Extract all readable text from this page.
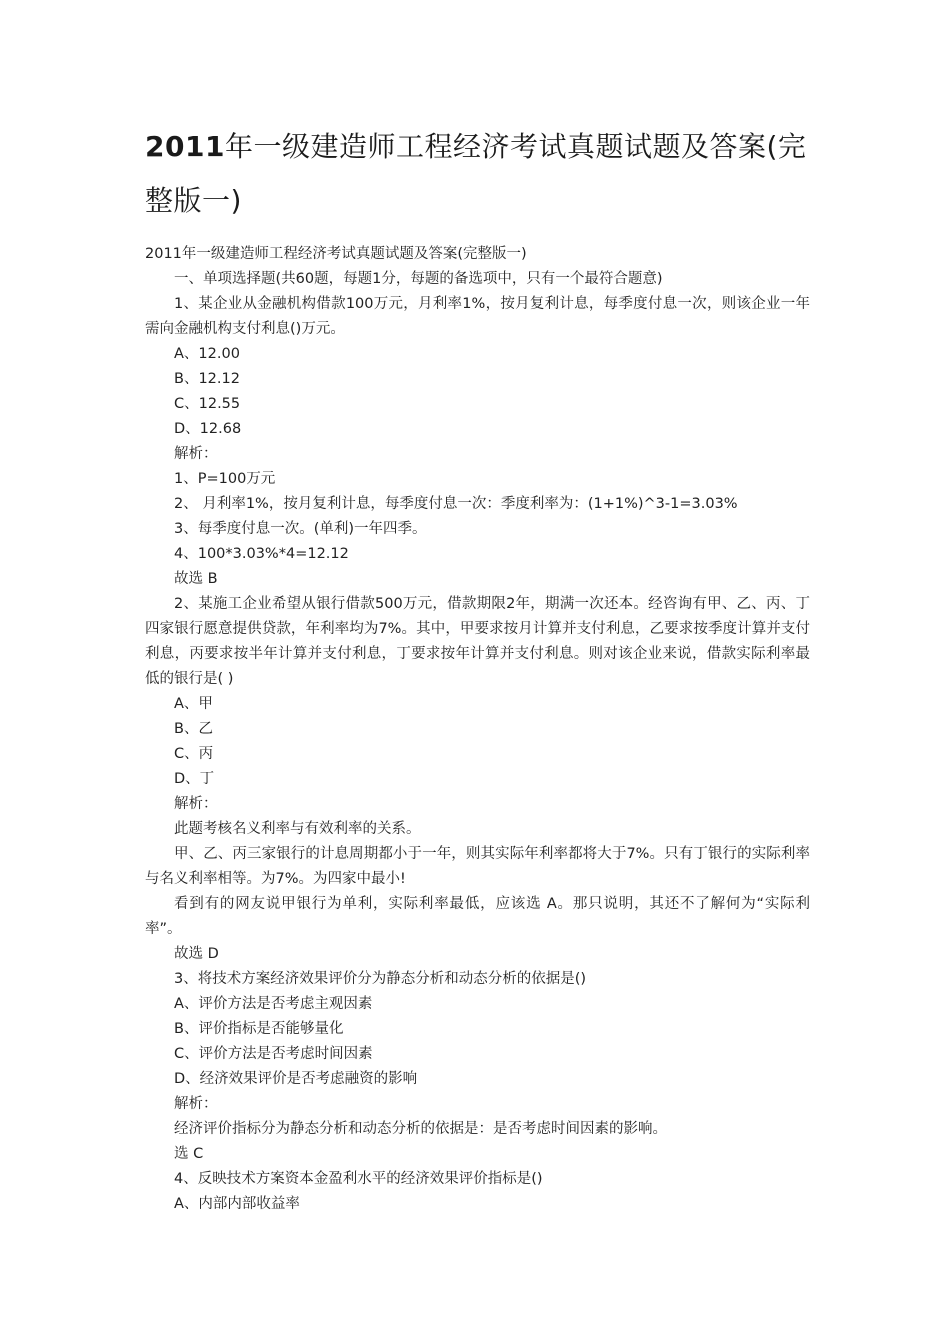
2011年一级建造师工程经济考试真题试题及答案(完整版一)
2011年一级建造师工程经济考试真题试题及答案(完整版一)
一、单项选择题(共60题，每题1分，每题的备选项中，只有一个最符合题意)
1、某企业从金融机构借款100万元，月利率1%，按月复利计息，每季度付息一次，则该企业一年需向金融机构支付利息()万元。
A、12.00
B、12.12
C、12.55
D、12.68
解析：
1、P=100万元
2、 月利率1%，按月复利计息，每季度付息一次：季度利率为：(1+1%)^3-1=3.03%
3、每季度付息一次。(单利)一年四季。
4、100*3.03%*4=12.12
故选 B
2、某施工企业希望从银行借款500万元，借款期限2年，期满一次还本。经咨询有甲、乙、丙、丁四家银行愿意提供贷款，年利率均为7%。其中，甲要求按月计算并支付利息，乙要求按季度计算并支付利息，丙要求按半年计算并支付利息，丁要求按年计算并支付利息。则对该企业来说，借款实际利率最低的银行是( )
A、甲
B、乙
C、丙
D、丁
解析：
此题考核名义利率与有效利率的关系。
甲、乙、丙三家银行的计息周期都小于一年，则其实际年利率都将大于7%。只有丁银行的实际利率与名义利率相等。为7%。为四家中最小!
看到有的网友说甲银行为单利，实际利率最低，应该选 A。那只说明，其还不了解何为“实际利率”。
故选 D
3、将技术方案经济效果评价分为静态分析和动态分析的依据是()
A、评价方法是否考虑主观因素
B、评价指标是否能够量化
C、评价方法是否考虑时间因素
D、经济效果评价是否考虑融资的影响
解析：
经济评价指标分为静态分析和动态分析的依据是：是否考虑时间因素的影响。
选 C
4、反映技术方案资本金盈利水平的经济效果评价指标是()
A、内部内部收益率
